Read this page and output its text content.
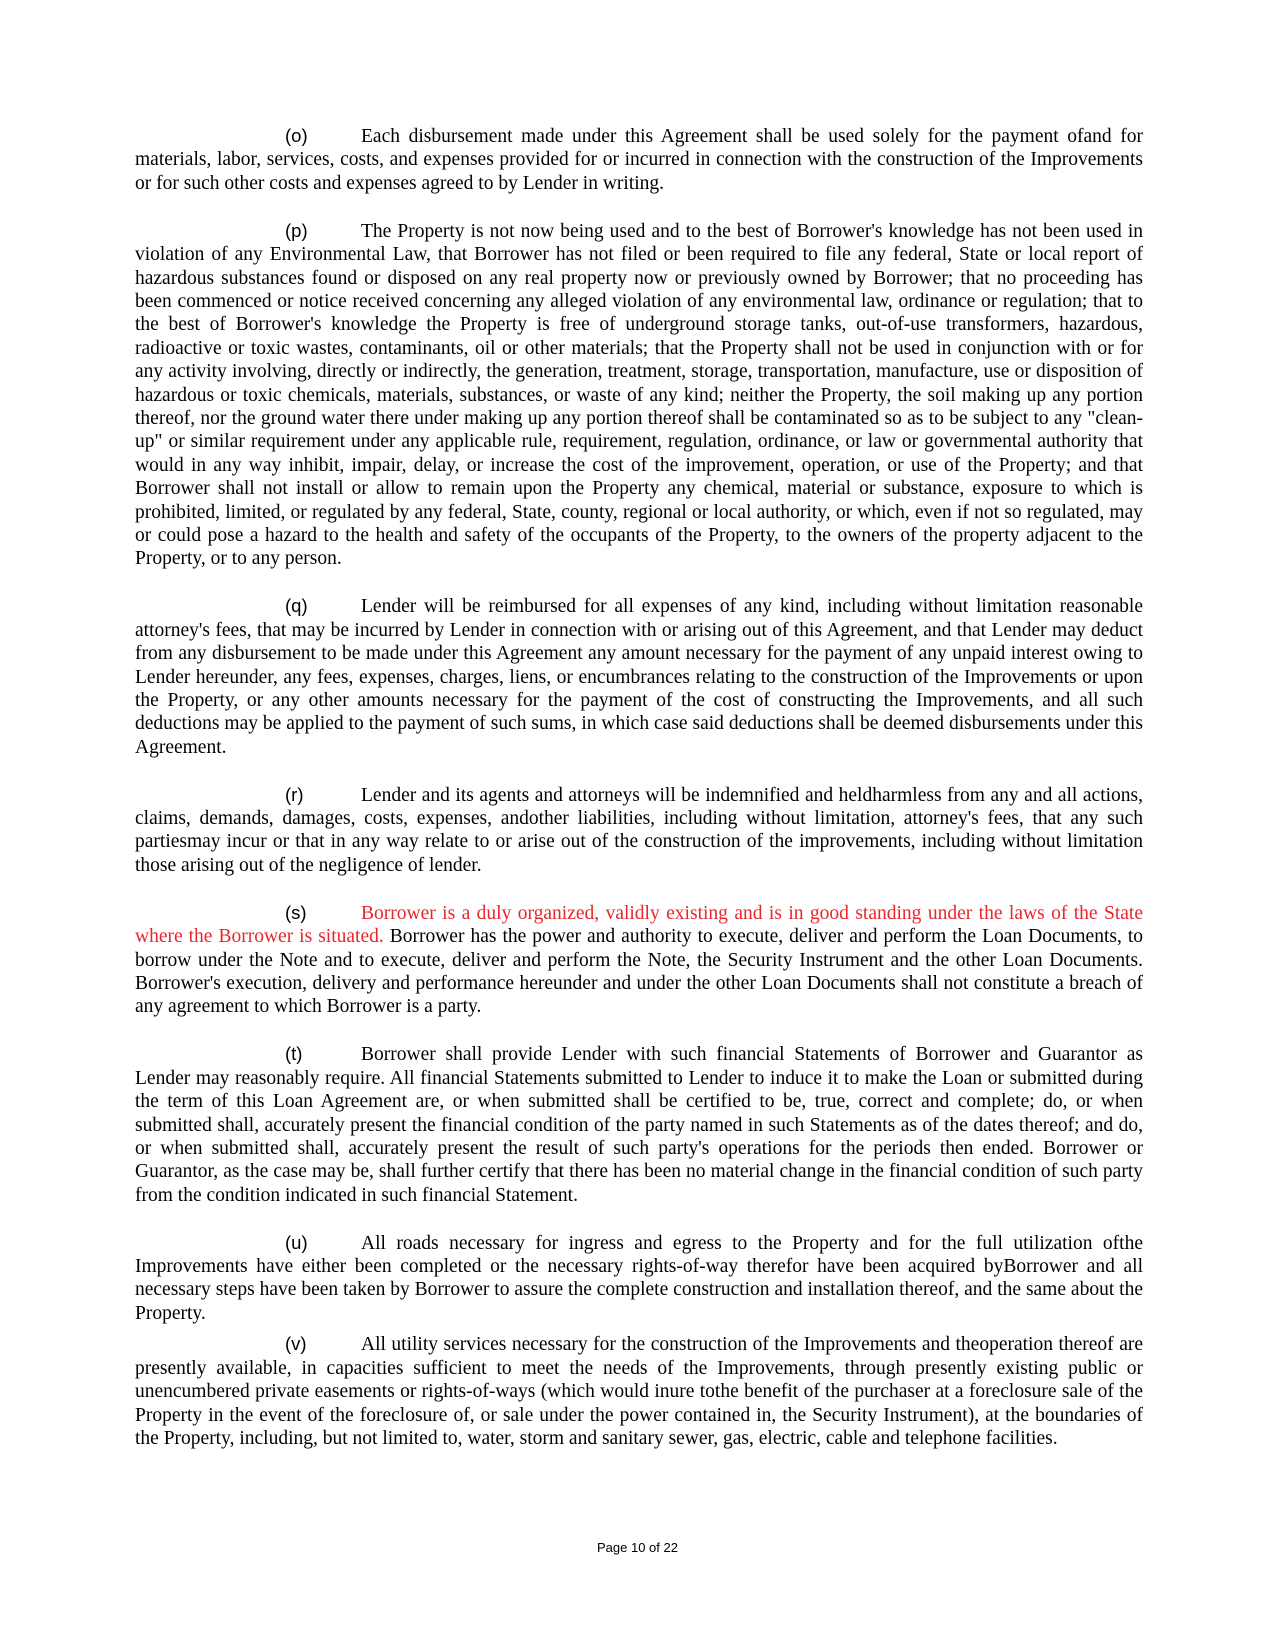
(o)	Each disbursement made under this Agreement shall be used solely for the payment ofand for materials, labor, services, costs, and expenses provided for or incurred in connection with the construction of the Improvements or for such other costs and expenses agreed to by Lender in writing.

(p)	The Property is not now being used and to the best of Borrower's knowledge has not been used in violation of any Environmental Law, that Borrower has not filed or been required to file any federal, State or local report of hazardous substances found or disposed on any real property now or previously owned by Borrower; that no proceeding has been commenced or notice received concerning any alleged violation of any environmental law, ordinance or regulation; that to the best of Borrower's knowledge the Property is free of underground storage tanks, out-of-use transformers, hazardous, radioactive or toxic wastes, contaminants, oil or other materials; that the Property shall not be used in conjunction with or for any activity involving, directly or indirectly, the generation, treatment, storage, transportation, manufacture, use or disposition of hazardous or toxic chemicals, materials, substances, or waste of any kind; neither the Property, the soil making up any portion thereof, nor the ground water there under making up any portion thereof shall be contaminated so as to be subject to any "clean-up" or similar requirement under any applicable rule, requirement, regulation, ordinance, or law or governmental authority that would in any way inhibit, impair, delay, or increase the cost of the improvement, operation, or use of the Property; and that Borrower shall not install or allow to remain upon the Property any chemical, material or substance, exposure to which is prohibited, limited, or regulated by any federal, State, county, regional or local authority, or which, even if not so regulated, may or could pose a hazard to the health and safety of the occupants of the Property, to the owners of the property adjacent to the Property, or to any person.

(q)	Lender will be reimbursed for all expenses of any kind, including without limitation reasonable attorney's fees, that may be incurred by Lender in connection with or arising out of this Agreement, and that Lender may deduct from any disbursement to be made under this Agreement any amount necessary for the payment of any unpaid interest owing to Lender hereunder, any fees, expenses, charges, liens, or encumbrances relating to the construction of the Improvements or upon the Property, or any other amounts necessary for the payment of the cost of constructing the Improvements, and all such deductions may be applied to the payment of such sums, in which case said deductions shall be deemed disbursements under this Agreement.

(r)	Lender and its agents and attorneys will be indemnified and heldharmless from any and all actions, claims, demands, damages, costs, expenses, andother liabilities, including without limitation, attorney's fees, that any such partiesmay incur or that in any way relate to or arise out of the construction of the improvements, including without limitation those arising out of the negligence of lender.

(s)	Borrower is a duly organized, validly existing and is in good standing under the laws of the State where the Borrower is situated. Borrower has the power and authority to execute, deliver and perform the Loan Documents, to borrow under the Note and to execute, deliver and perform the Note, the Security Instrument and the other Loan Documents. Borrower's execution, delivery and performance hereunder and under the other Loan Documents shall not constitute a breach of any agreement to which Borrower is a party.

(t)	Borrower shall provide Lender with such financial Statements of Borrower and Guarantor as Lender may reasonably require. All financial Statements submitted to Lender to induce it to make the Loan or submitted during the term of this Loan Agreement are, or when submitted shall be certified to be, true, correct and complete; do, or when submitted shall, accurately present the financial condition of the party named in such Statements as of the dates thereof; and do, or when submitted shall, accurately present the result of such party's operations for the periods then ended. Borrower or Guarantor, as the case may be, shall further certify that there has been no material change in the financial condition of such party from the condition indicated in such financial Statement.

(u)	All roads necessary for ingress and egress to the Property and for the full utilization ofthe Improvements have either been completed or the necessary rights-of-way therefor have been acquired byBorrower and all necessary steps have been taken by Borrower to assure the complete construction and installation thereof, and the same about the Property.

(v)	All utility services necessary for the construction of the Improvements and theoperation thereof are presently available, in capacities sufficient to meet the needs of the Improvements, through presently existing public or unencumbered private easements or rights-of-ways (which would inure tothe benefit of the purchaser at a foreclosure sale of the Property in the event of the foreclosure of, or sale under the power contained in, the Security Instrument), at the boundaries of the Property, including, but not limited to, water, storm and sanitary sewer, gas, electric, cable and telephone facilities.

Page 10 of 22
